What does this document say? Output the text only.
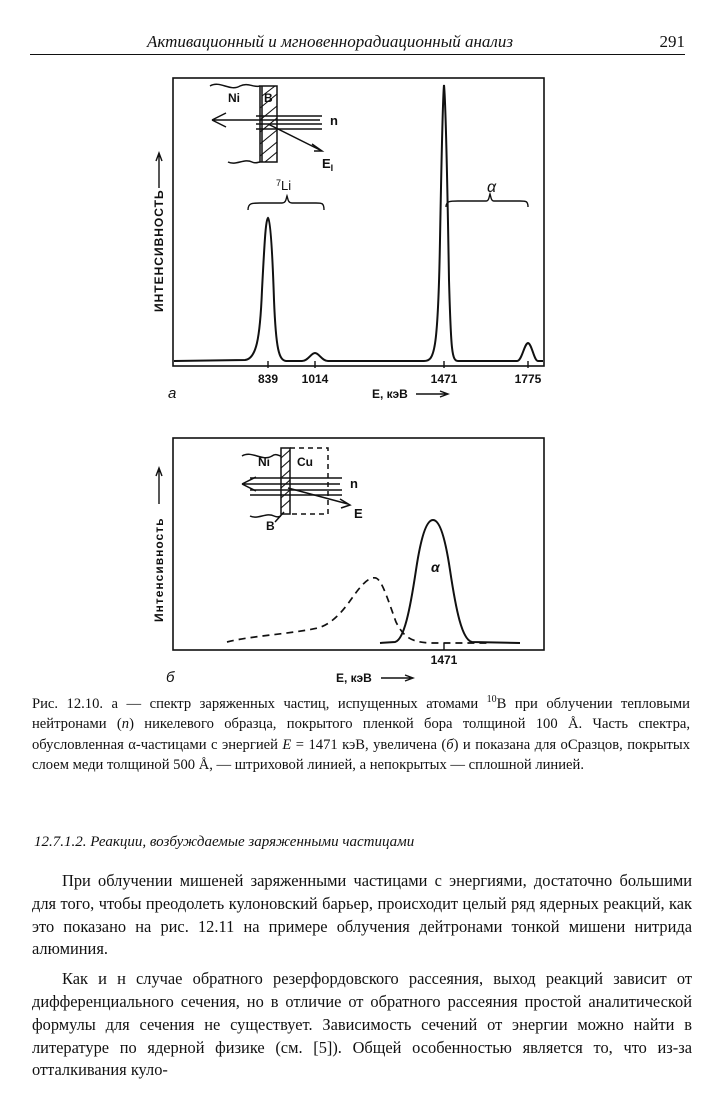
Активационный и мгновеннорадиационный анализ	291
839 1014	1471	1775
а	Е, кэВ
ИНТЕНСИВНОСТЬ
$^7$Li	α
Ni B
n
$E_I$
1471
б	Е, кэВ
Интенсивность	α
Ni Cu
B
n
E
Рис. 12.10. а — спектр заряженных частиц, испущенных атомами $^{10}$B при облучении тепловыми нейтронами (n) никелевого образца, покрытого пленкой бора толщиной 100 Å. Часть спектра, обусловленная α-частицами с энергией E = 1471 кэВ, увеличена (б) и показана для оСразцов, покрытых слоем меди толщиной 500 Å, — штриховой линией, а непокрытых — сплошной линией.
12.7.1.2. Реакции, возбуждаемые заряженными частицами

При облучении мишеней заряженными частицами с энергиями, достаточно большими для того, чтобы преодолеть кулоновский барьер, происходит целый ряд ядерных реакций, как это показано на рис. 12.11 на примере облучения дейтронами тонкой мишени нитрида алюминия.

Как и н случае обратного резерфордовского рассеяния, выход реакций зависит от дифференциального сечения, но в отличие от обратного рассеяния простой аналитической формулы для сечения не существует. Зависимость сечений от энергии можно найти в литературе по ядерной физике (см. [5]). Общей особенностью является то, что из-за отталкивания куло-
